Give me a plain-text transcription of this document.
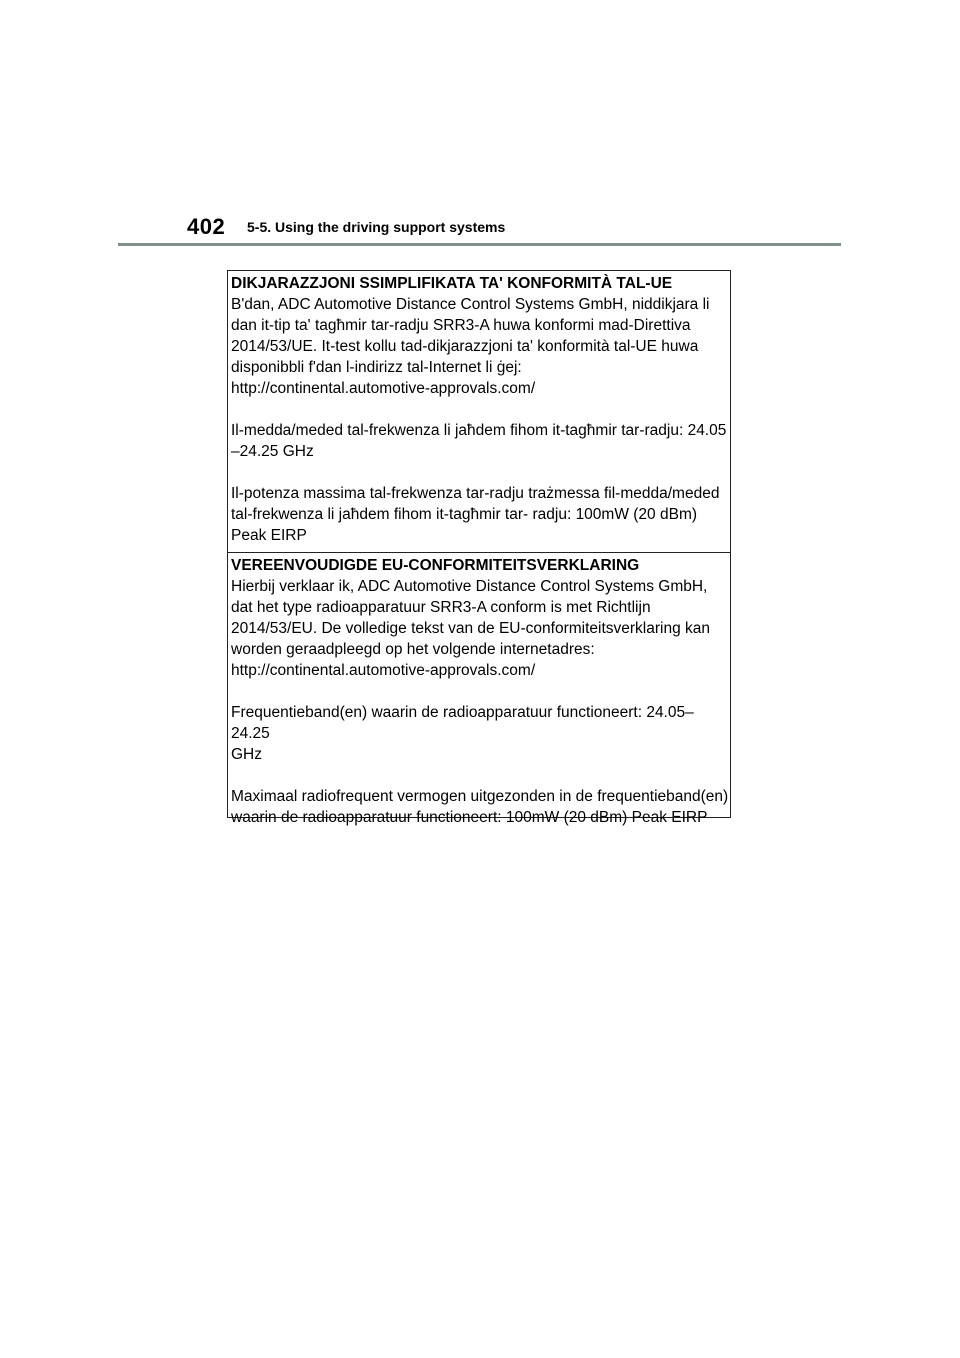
402 5-5. Using the driving support systems

DIKJARAZZJONI SSIMPLIFIKATA TA' KONFORMITÀ TAL-UE

B'dan, ADC Automotive Distance Control Systems GmbH, niddikjara li
dan it-tip ta' tagħmir tar-radju SRR3-A huwa konformi mad-Direttiva
2014/53/UE. It-test kollu tad-dikjarazzjoni ta' konformità tal-UE huwa
disponibbli f'dan l-indirizz tal-Internet li ġej:
http://continental.automotive-approvals.com/

Il-medda/meded tal-frekwenza li jaħdem fihom it-tagħmir tar-radju: 24.05
–24.25 GHz

Il-potenza massima tal-frekwenza tar-radju trażmessa fil-medda/meded
tal-frekwenza li jaħdem fihom it-tagħmir tar- radju: 100mW (20 dBm)
Peak EIRP

VEREENVOUDIGDE EU-CONFORMITEITSVERKLARING

Hierbij verklaar ik, ADC Automotive Distance Control Systems GmbH,
dat het type radioapparatuur SRR3-A conform is met Richtlijn
2014/53/EU. De volledige tekst van de EU-conformiteitsverklaring kan
worden geraadpleegd op het volgende internetadres:
http://continental.automotive-approvals.com/

Frequentieband(en) waarin de radioapparatuur functioneert: 24.05–24.25
GHz

Maximaal radiofrequent vermogen uitgezonden in de frequentieband(en)
waarin de radioapparatuur functioneert: 100mW (20 dBm) Peak EIRP
